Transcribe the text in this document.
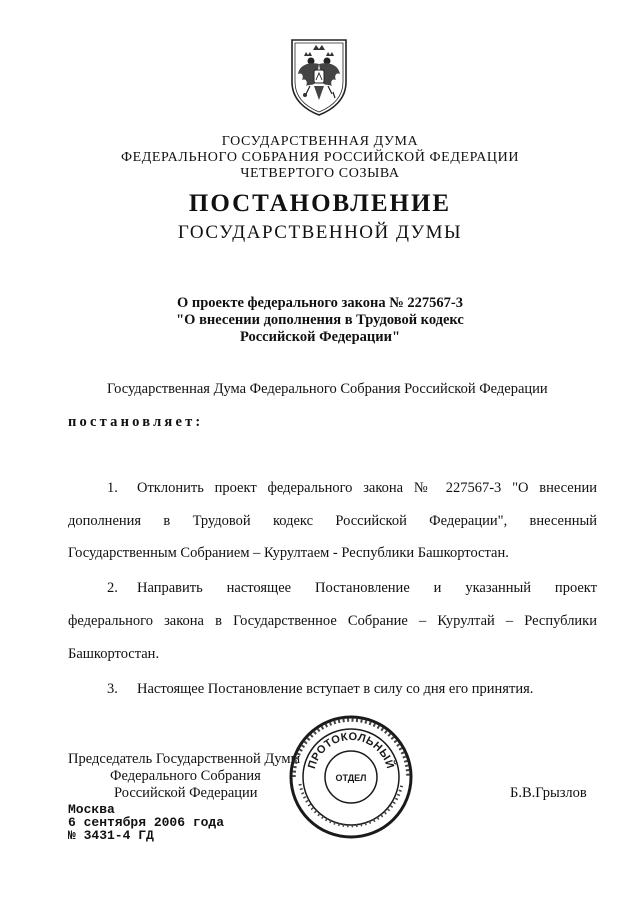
ГОСУДАРСТВЕННАЯ ДУМА
ФЕДЕРАЛЬНОГО СОБРАНИЯ РОССИЙСКОЙ ФЕДЕРАЦИИ
ЧЕТВЕРТОГО СОЗЫВА
ПОСТАНОВЛЕНИЕ
ГОСУДАРСТВЕННОЙ ДУМЫ
О проекте федерального закона № 227567-3
"О внесении дополнения в Трудовой кодекс
Российской Федерации"
Государственная Дума Федерального Собрания Российской Федерации
постановляет:
1. Отклонить проект федерального закона № 227567-3 "О внесении
дополнения в Трудовой кодекс Российской Федерации", внесенный
Государственным Собранием – Курултаем - Республики Башкортостан.
2. Направить настоящее Постановление и указанный проект
федерального закона в Государственное Собрание – Курултай – Республики
Башкортостан.
3. Настоящее Постановление вступает в силу со дня его принятия.
Председатель Государственной Думы
Федерального Собрания
Российской Федерации	Б.В.Грызлов
ПРОТОКОЛЬНЫЙ
ОТДЕЛ
Москва
6 сентября 2006 года
№ 3431-4 ГД
